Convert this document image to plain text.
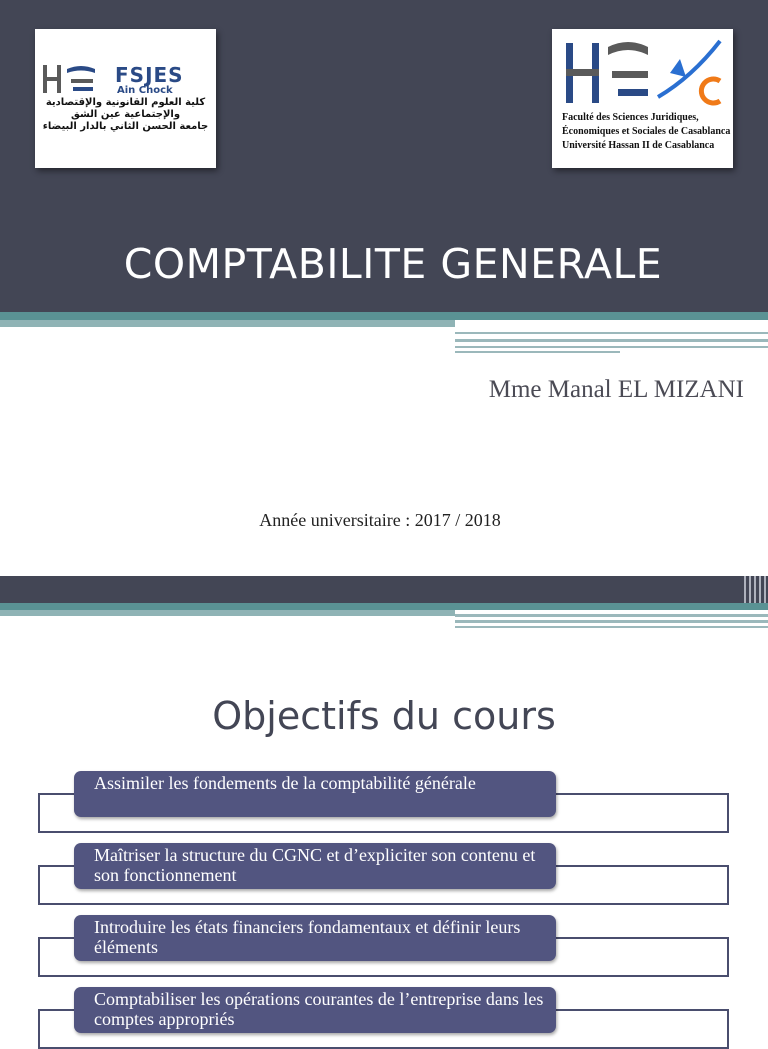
FSJES
Ain Chock
كلية العلوم القانونية والإقتصادية
والإجتماعية عين الشق
جامعة الحسن الثاني بالدار البيضاء
Faculté des Sciences Juridiques,
Économiques et Sociales de Casablanca
Université Hassan II de Casablanca
COMPTABILITE GENERALE
Mme Manal EL MIZANI
Année universitaire : 2017 / 2018
Objectifs du cours
Assimiler les fondements de la comptabilité générale
Maîtriser la structure du CGNC et d’expliciter son contenu et son fonctionnement
Introduire les états financiers fondamentaux et définir leurs éléments
Comptabiliser les opérations courantes de l’entreprise dans les comptes appropriés
